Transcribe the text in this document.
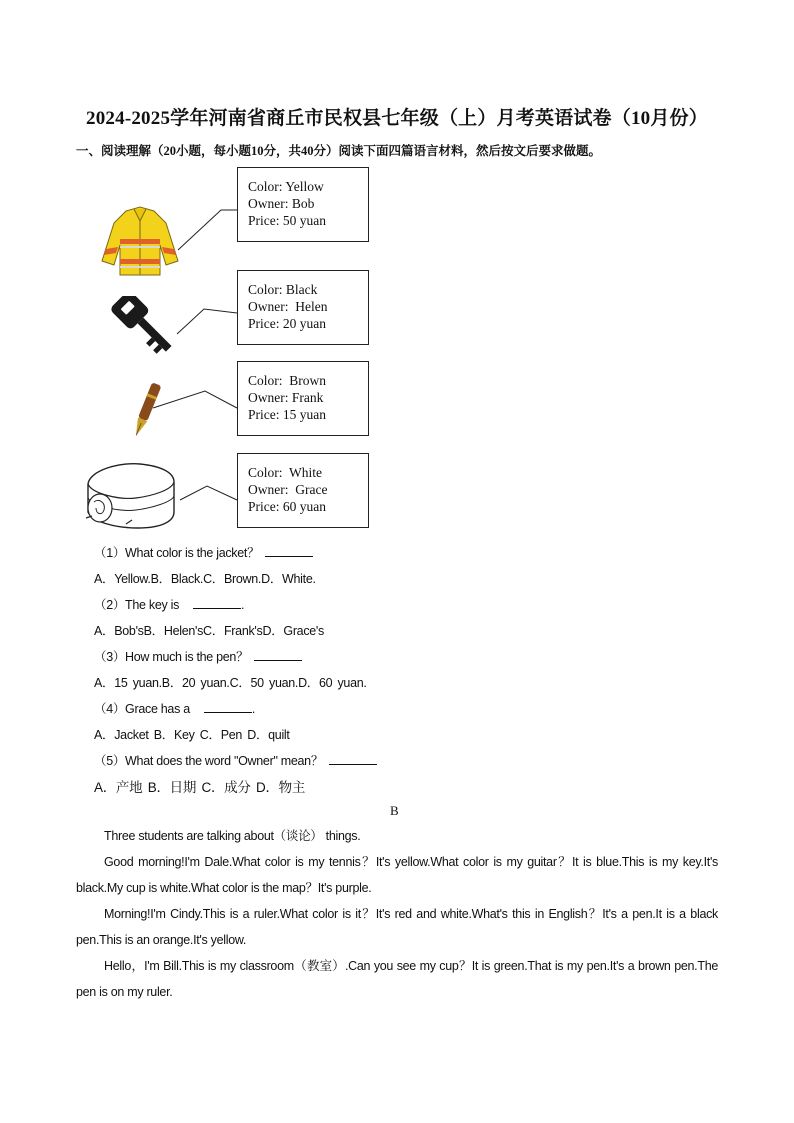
2024-2025学年河南省商丘市民权县七年级（上）月考英语试卷（10月份）
一、阅读理解（20小题，每小题10分，共40分）阅读下面四篇语言材料，然后按文后要求做题。
Color: Yellow
Owner: Bob
Price: 50 yuan
Color: Black
Owner:  Helen
Price: 20 yuan
Color:  Brown
Owner: Frank
Price: 15 yuan
Color:  White
Owner:  Grace
Price: 60 yuan
（1）What color is the jacket？
A．Yellow.B．Black.C．Brown.D．White.
（2）The key is	.
A．Bob'sB．Helen'sC．Frank'sD．Grace's
（3）How much is the pen？
A．15 yuan.B．20 yuan.C．50 yuan.D．60 yuan.
（4）Grace has a	.
A．Jacket B．Key C．Pen D．quilt
（5）What does the word "Owner" mean？
A．产地 B．日期 C．成分 D．物主
B
Three students are talking about（谈论） things.
Good morning!I'm Dale.What color is my tennis？It's yellow.What color is my guitar？It is blue.This is my key.It's black.My cup is white.What color is the map？It's purple.
Morning!I'm Cindy.This is a ruler.What color is it？It's red and white.What's this in English？It's a pen.It is a black pen.This is an orange.It's yellow.
Hello，I'm Bill.This is my classroom（教室）.Can you see my cup？It is green.That is my pen.It's a brown pen.The pen is on my ruler.
